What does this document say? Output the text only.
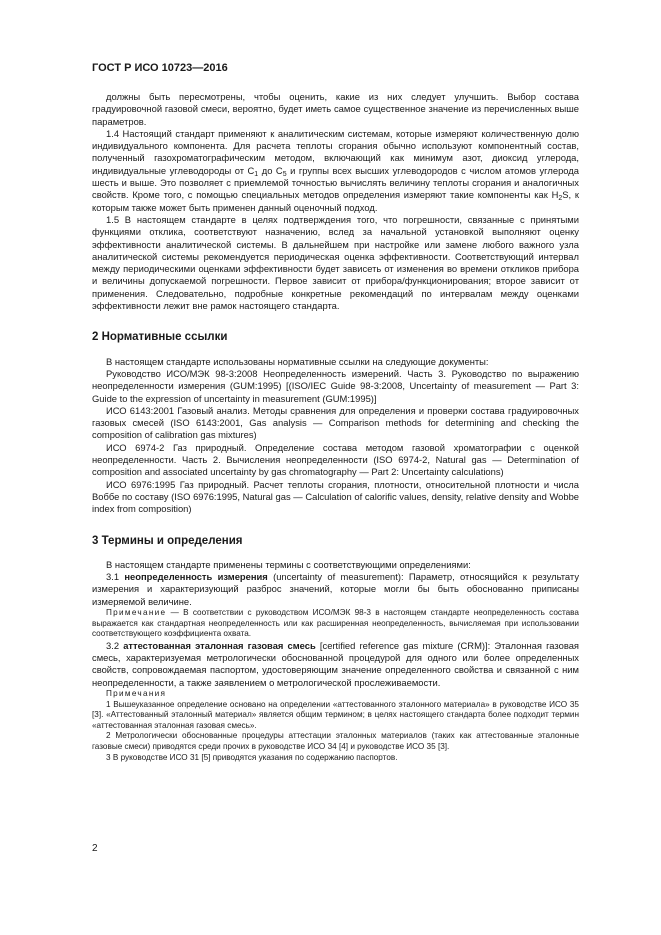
ГОСТ Р ИСО 10723—2016

должны быть пересмотрены, чтобы оценить, какие из них следует улучшить. Выбор состава градуировочной газовой смеси, вероятно, будет иметь самое существенное значение из перечисленных выше параметров.

1.4 Настоящий стандарт применяют к аналитическим системам, которые измеряют количественную долю индивидуального компонента. Для расчета теплоты сгорания обычно используют компонентный состав, полученный газохроматографическим методом, включающий как минимум азот, диоксид углерода, индивидуальные углеводороды от $С_1$ до $С_5$ и группы всех высших углеводородов с числом атомов углерода шесть и выше. Это позволяет с приемлемой точностью вычислять величину теплоты сгорания и аналогичных свойств. Кроме того, с помощью специальных методов определения измеряют такие компоненты как $H_2S$, к которым также может быть применен данный оценочный подход.

1.5 В настоящем стандарте в целях подтверждения того, что погрешности, связанные с принятыми функциями отклика, соответствуют назначению, вслед за начальной установкой выполняют оценку эффективности аналитической системы. В дальнейшем при настройке или замене любого важного узла аналитической системы рекомендуется периодическая оценка эффективности. Соответствующий интервал между периодическими оценками эффективности будет зависеть от изменения во времени откликов прибора и величины допускаемой погрешности. Первое зависит от прибора/функционирования; второе зависит от применения. Следовательно, подробные конкретные рекомендаций по интервалам между оценками эффективности лежит вне рамок настоящего стандарта.

2 Нормативные ссылки

В настоящем стандарте использованы нормативные ссылки на следующие документы:

Руководство ИСО/МЭК 98-3:2008 Неопределенность измерений. Часть 3. Руководство по выражению неопределенности измерения (GUM:1995) [(ISO/IEC Guide 98-3:2008, Uncertainty of measurement — Part 3: Guide to the expression of uncertainty in measurement (GUM:1995)]

ИСО 6143:2001 Газовый анализ. Методы сравнения для определения и проверки состава градуировочных газовых смесей (ISO 6143:2001, Gas analysis — Comparison methods for determining and checking the composition of calibration gas mixtures)

ИСО 6974-2 Газ природный. Определение состава методом газовой хроматографии с оценкой неопределенности. Часть 2. Вычисления неопределенности (ISO 6974-2, Natural gas — Determination of composition and associated uncertainty by gas chromatography — Part 2: Uncertainty calculations)

ИСО 6976:1995 Газ природный. Расчет теплоты сгорания, плотности, относительной плотности и числа Воббе по составу (ISO 6976:1995, Natural gas — Calculation of calorific values, density, relative density and Wobbe index from composition)

3 Термины и определения

В настоящем стандарте применены термины с соответствующими определениями:

3.1 неопределенность измерения (uncertainty of measurement): Параметр, относящийся к результату измерения и характеризующий разброс значений, которые могли бы быть обоснованно приписаны измеряемой величине.

Примечание — В соответствии с руководством ИСО/МЭК 98-3 в настоящем стандарте неопределенность состава выражается как стандартная неопределенность или как расширенная неопределенность, вычисляемая при использовании соответствующего коэффициента охвата.

3.2 аттестованная эталонная газовая смесь [certified reference gas mixture (CRM)]: Эталонная газовая смесь, характеризуемая метрологически обоснованной процедурой для одного или более определенных свойств, сопровождаемая паспортом, удостоверяющим значение определенного свойства и связанной с ним неопределенности, а также заявлением о метрологической прослеживаемости.

Примечания

1 Вышеуказанное определение основано на определении «аттестованного эталонного материала» в руководстве ИСО 35 [3]. «Аттестованный эталонный материал» является общим термином; в целях настоящего стандарта более подходит термин «аттестованная эталонная газовая смесь».

2 Метрологически обоснованные процедуры аттестации эталонных материалов (таких как аттестованные эталонные газовые смеси) приводятся среди прочих в руководстве ИСО 34 [4] и руководстве ИСО 35 [3].

3 В руководстве ИСО 31 [5] приводятся указания по содержанию паспортов.

2
